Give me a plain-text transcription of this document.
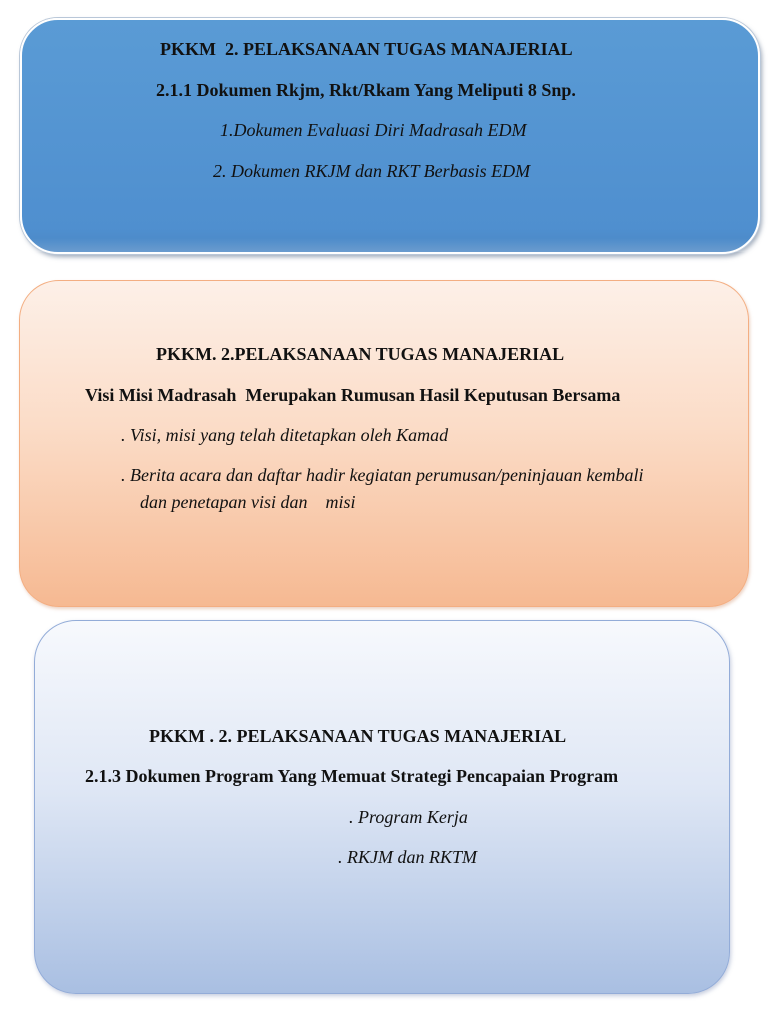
PKKM  2. PELAKSANAAN TUGAS MANAJERIAL
2.1.1 Dokumen Rkjm, Rkt/Rkam Yang Meliputi 8 Snp.
1.Dokumen Evaluasi Diri Madrasah EDM
2. Dokumen RKJM dan RKT Berbasis EDM
PKKM. 2.PELAKSANAAN TUGAS MANAJERIAL
Visi Misi Madrasah  Merupakan Rumusan Hasil Keputusan Bersama
. Visi, misi yang telah ditetapkan oleh Kamad
. Berita acara dan daftar hadir kegiatan perumusan/peninjauan kembali
dan penetapan visi dan    misi
PKKM . 2. PELAKSANAAN TUGAS MANAJERIAL
2.1.3 Dokumen Program Yang Memuat Strategi Pencapaian Program
. Program Kerja
. RKJM dan RKTM
